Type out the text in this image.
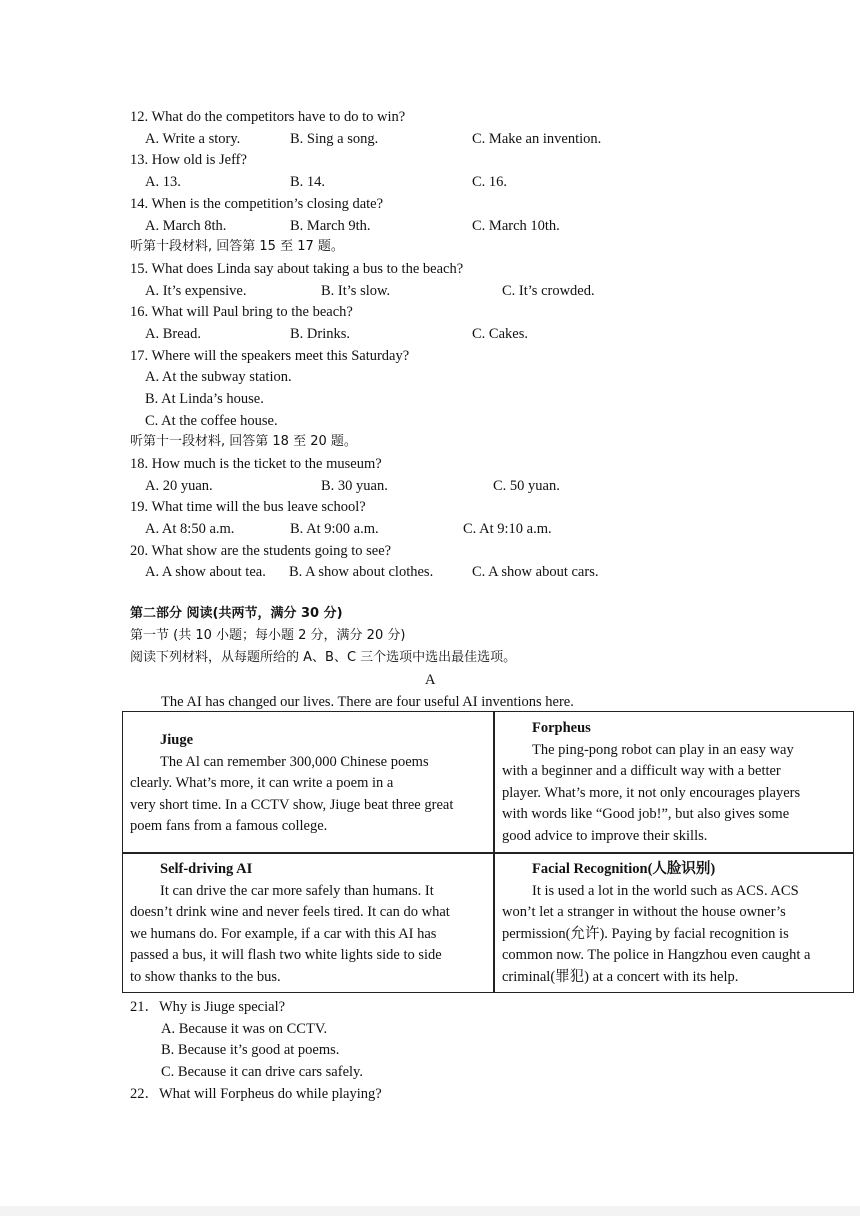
12. What do the competitors have to do to win?
A. Write a story.	B. Sing a song.	C. Make an invention.
13. How old is Jeff?
A. 13.	B. 14.	C. 16.
14. When is the competition’s closing date?
A. March 8th.	B. March 9th.	C. March 10th.
听第十段材料, 回答第 15 至 17 题。
15. What does Linda say about taking a bus to the beach?
A. It’s expensive.	B. It’s slow.	C. It’s crowded.
16. What will Paul bring to the beach?
A. Bread.	B. Drinks.	C. Cakes.
17. Where will the speakers meet this Saturday?
A. At the subway station.
B. At Linda’s house.
C. At the coffee house.
听第十一段材料, 回答第 18 至 20 题。
18. How much is the ticket to the museum?
A. 20 yuan.	B. 30 yuan.	C. 50 yuan.
19. What time will the bus leave school?
A. At 8:50 a.m.	B. At 9:00 a.m.	C. At 9:10 a.m.
20. What show are the students going to see?
A. A show about tea. B. A show about clothes.	C. A show about cars.
第二部分 阅读(共两节，满分 30 分)
第一节 (共 10 小题；每小题 2 分，满分 20 分)
阅读下列材料，从每题所给的 A、B、C 三个选项中选出最佳选项。
A
The AI has changed our lives. There are four useful AI inventions here.
Jiuge
The Al can remember 300,000 Chinese poems
clearly. What’s more, it can write a poem in a
very short time. In a CCTV show, Jiuge beat three great
poem fans from a famous college.
Forpheus
The ping-pong robot can play in an easy way
with a beginner and a difficult way with a better
player. What’s more, it not only encourages players
with words like “Good job!”, but also gives some
good advice to improve their skills.
Self-driving AI
It can drive the car more safely than humans. It
doesn’t drink wine and never feels tired. It can do what
we humans do. For example, if a car with this AI has
passed a bus, it will flash two white lights side to side
to show thanks to the bus.
Facial Recognition(人脸识别)
It is used a lot in the world such as ACS. ACS
won’t let a stranger in without the house owner’s
permission(允许). Paying by facial recognition is
common now. The police in Hangzhou even caught a
criminal(罪犯) at a concert with its help.
21．Why is Jiuge special?
A. Because it was on CCTV.
B. Because it’s good at poems.
C. Because it can drive cars safely.
22．What will Forpheus do while playing?
